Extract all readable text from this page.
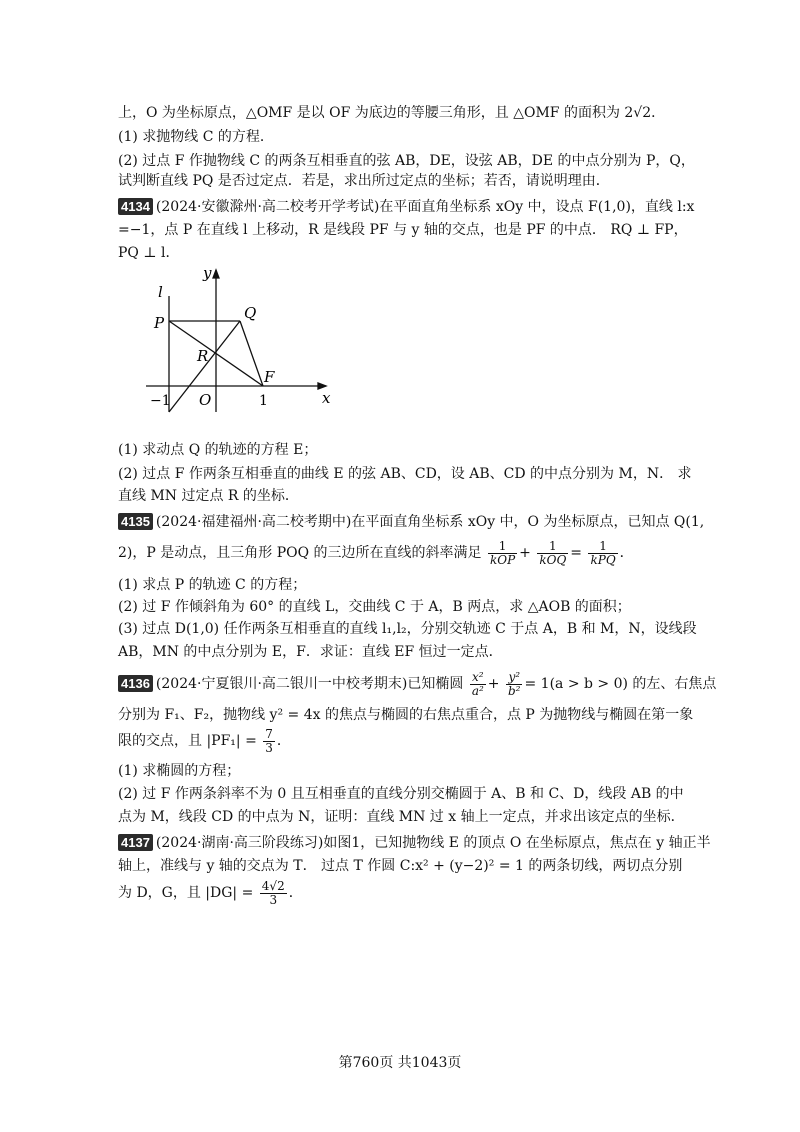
上，O 为坐标原点，△OMF 是以 OF 为底边的等腰三角形，且 △OMF 的面积为 2√2．
(1) 求抛物线 C 的方程．
(2) 过点 F 作抛物线 C 的两条互相垂直的弦 AB，DE，设弦 AB，DE 的中点分别为 P，Q，
试判断直线 PQ 是否过定点．若是，求出所过定点的坐标；若否，请说明理由．
4134 (2024·安徽滁州·高二校考开学考试)在平面直角坐标系 xOy 中，设点 F(1,0)，直线 l:x
=−1，点 P 在直线 l 上移动，R 是线段 PF 与 y 轴的交点，也是 PF 的中点． RQ ⊥ FP，
PQ ⊥ l．
l
y
x
P
Q
R
F
O
−1	1
(1) 求动点 Q 的轨迹的方程 E；
(2) 过点 F 作两条互相垂直的曲线 E 的弦 AB、CD，设 AB、CD 的中点分别为 M，N． 求
直线 MN 过定点 R 的坐标．
4135 (2024·福建福州·高二校考期中)在平面直角坐标系 xOy 中，O 为坐标原点，已知点 Q(1,
2)，P 是动点，且三角形 POQ 的三边所在直线的斜率满足 $\frac{1}{\text{kOP}} + \frac{1}{\text{kOQ}} = \frac{1}{\text{kPQ}}$ ．
(1) 求点 P 的轨迹 C 的方程；
(2) 过 F 作倾斜角为 60° 的直线 L，交曲线 C 于 A，B 两点，求 △AOB 的面积；
(3) 过点 D(1,0) 任作两条互相垂直的直线 l₁,l₂，分别交轨迹 C 于点 A，B 和 M，N，设线段
AB，MN 的中点分别为 E，F．求证：直线 EF 恒过一定点．
4136 (2024·宁夏银川·高二银川一中校考期末)已知椭圆 $\frac{\text{x²}}{\text{a²}} + \frac{\text{y²}}{\text{b²}} = 1(a > b > 0)$ 的左、右焦点
分别为 F₁、F₂，抛物线 y² = 4x 的焦点与椭圆的右焦点重合，点 P 为抛物线与椭圆在第一象
限的交点，且 $|PF_1| = \frac{7}{3}$ ．
(1) 求椭圆的方程；
(2) 过 F 作两条斜率不为 0 且互相垂直的直线分别交椭圆于 A、B 和 C、D，线段 AB 的中
点为 M，线段 CD 的中点为 N，证明：直线 MN 过 x 轴上一定点，并求出该定点的坐标．
4137 (2024·湖南·高三阶段练习)如图1，已知抛物线 E 的顶点 O 在坐标原点，焦点在 y 轴正半
轴上，准线与 y 轴的交点为 T． 过点 T 作圆 C:x² + (y−2)² = 1 的两条切线，两切点分别
为 D，G，且 $|DG| = \frac{4√2}{3}$ ．
第760页 共1043页
